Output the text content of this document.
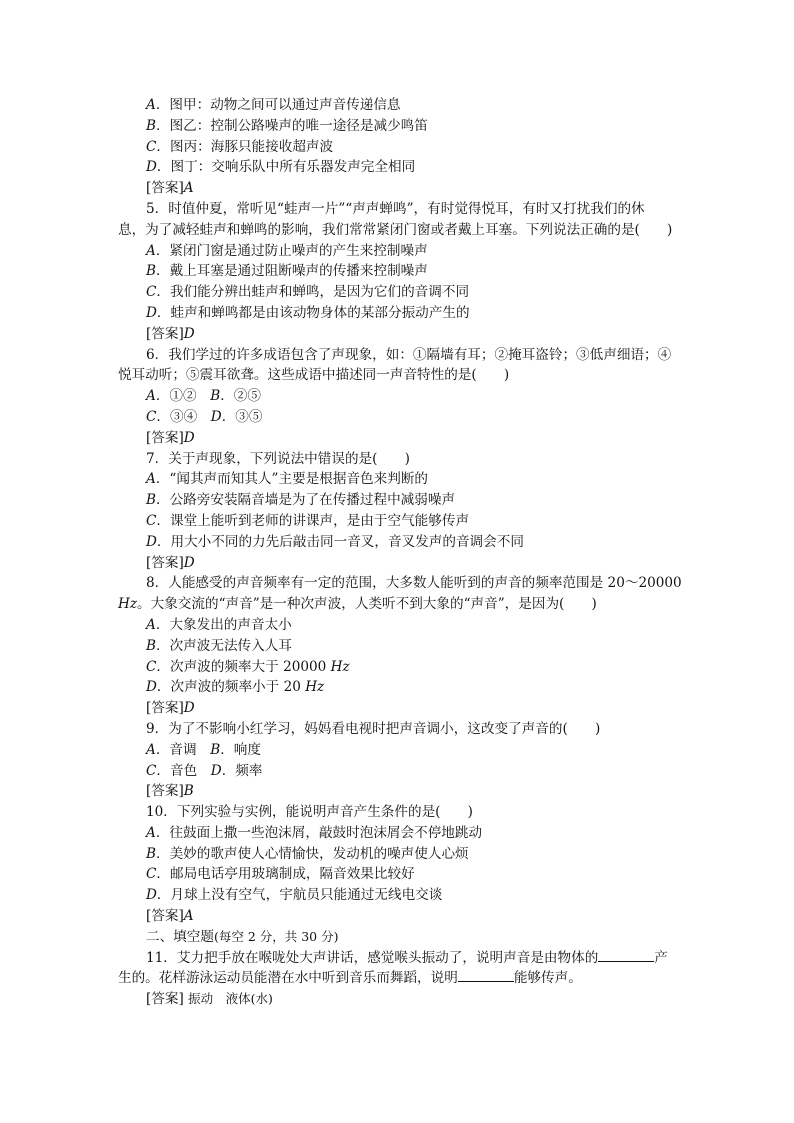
A．图甲：动物之间可以通过声音传递信息
B．图乙：控制公路噪声的唯一途径是减少鸣笛
C．图丙：海豚只能接收超声波
D．图丁：交响乐队中所有乐器发声完全相同
[答案]A
5．时值仲夏，常听见“蛙声一片”“声声蝉鸣”，有时觉得悦耳，有时又打扰我们的休
息，为了减轻蛙声和蝉鸣的影响，我们常常紧闭门窗或者戴上耳塞。下列说法正确的是(　　)
A．紧闭门窗是通过防止噪声的产生来控制噪声
B．戴上耳塞是通过阻断噪声的传播来控制噪声
C．我们能分辨出蛙声和蝉鸣，是因为它们的音调不同
D．蛙声和蝉鸣都是由该动物身体的某部分振动产生的
[答案]D
6．我们学过的许多成语包含了声现象，如：①隔墙有耳；②掩耳盗铃；③低声细语；④
悦耳动听；⑤震耳欲聋。这些成语中描述同一声音特性的是(　　)
A．①②　B．②⑤
C．③④　D．③⑤
[答案]D
7．关于声现象，下列说法中错误的是(　　)
A．“闻其声而知其人”主要是根据音色来判断的
B．公路旁安装隔音墙是为了在传播过程中减弱噪声
C．课堂上能听到老师的讲课声，是由于空气能够传声
D．用大小不同的力先后敲击同一音叉，音叉发声的音调会不同
[答案]D
8．人能感受的声音频率有一定的范围，大多数人能听到的声音的频率范围是 20～20000
Hz。大象交流的“声音”是一种次声波，人类听不到大象的“声音”，是因为(　　)
A．大象发出的声音太小
B．次声波无法传入人耳
C．次声波的频率大于 20000 Hz
D．次声波的频率小于 20 Hz
[答案]D
9．为了不影响小红学习，妈妈看电视时把声音调小，这改变了声音的(　　)
A．音调　B．响度
C．音色　D．频率
[答案]B
10．下列实验与实例，能说明声音产生条件的是(　　)
A．往鼓面上撒一些泡沫屑，敲鼓时泡沫屑会不停地跳动
B．美妙的歌声使人心情愉快，发动机的噪声使人心烦
C．邮局电话亭用玻璃制成，隔音效果比较好
D．月球上没有空气，宇航员只能通过无线电交谈
[答案]A
二、填空题(每空 2 分，共 30 分)
11．艾力把手放在喉咙处大声讲话，感觉喉头振动了，说明声音是由物体的	产
生的。花样游泳运动员能潜在水中听到音乐而舞蹈，说明	能够传声。
[答案] 振动　液体(水)
